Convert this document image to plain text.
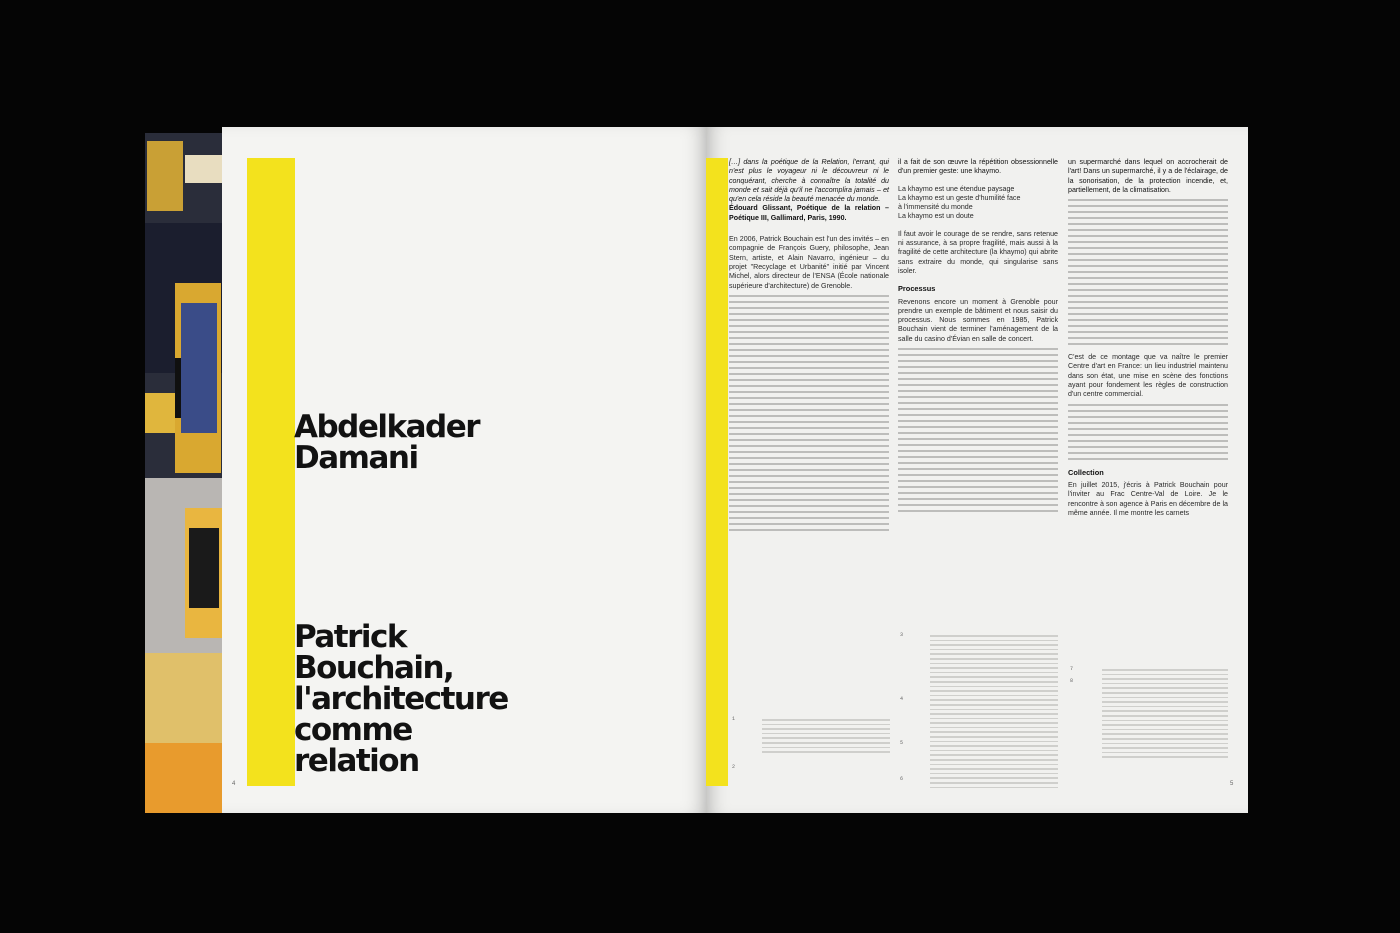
Abdelkader
Damani
Patrick
Bouchain,
l'architecture
comme
relation
[…] dans la poétique de la Relation, l'errant, qui n'est plus le voyageur ni le découvreur ni le conquérant, cherche à connaître la totalité du monde et sait déjà qu'il ne l'accomplira jamais – et qu'en cela réside la beauté menacée du monde.
Édouard Glissant, Poétique de la relation – Poétique III, Gallimard, Paris, 1990.
En 2006, Patrick Bouchain est l'un des invités – en compagnie de François Guery, philosophe, Jean Stern, artiste, et Alain Navarro, ingénieur – du projet "Recyclage et Urbanité" initié par Vincent Michel, alors directeur de l'ENSA (École nationale supérieure d'architecture) de Grenoble.
il a fait de son œuvre la répétition obsessionnelle d'un premier geste: une khaymo.
La khaymo est une étendue paysage
La khaymo est un geste d'humilité face
à l'immensité du monde
La khaymo est un doute
Il faut avoir le courage de se rendre, sans retenue ni assurance, à sa propre fragilité, mais aussi à la fragilité de cette architecture (la khaymo) qui abrite sans extraire du monde, qui singularise sans isoler.
Processus
Revenons encore un moment à Grenoble pour prendre un exemple de bâtiment et nous saisir du processus. Nous sommes en 1985, Patrick Bouchain vient de terminer l'aménagement de la salle du casino d'Évian en salle de concert.
un supermarché dans lequel on accrocherait de l'art! Dans un supermarché, il y a de l'éclairage, de la sonorisation, de la protection incendie, et, partiellement, de la climatisation.
C'est de ce montage que va naître le premier Centre d'art en France: un lieu industriel maintenu dans son état, une mise en scène des fonctions ayant pour fondement les règles de construction d'un centre commercial.
Collection
En juillet 2015, j'écris à Patrick Bouchain pour l'inviter au Frac Centre-Val de Loire. Je le rencontre à son agence à Paris en décembre de la même année. Il me montre les carnets
1
2
3
4
5
6
7
8
4	5
